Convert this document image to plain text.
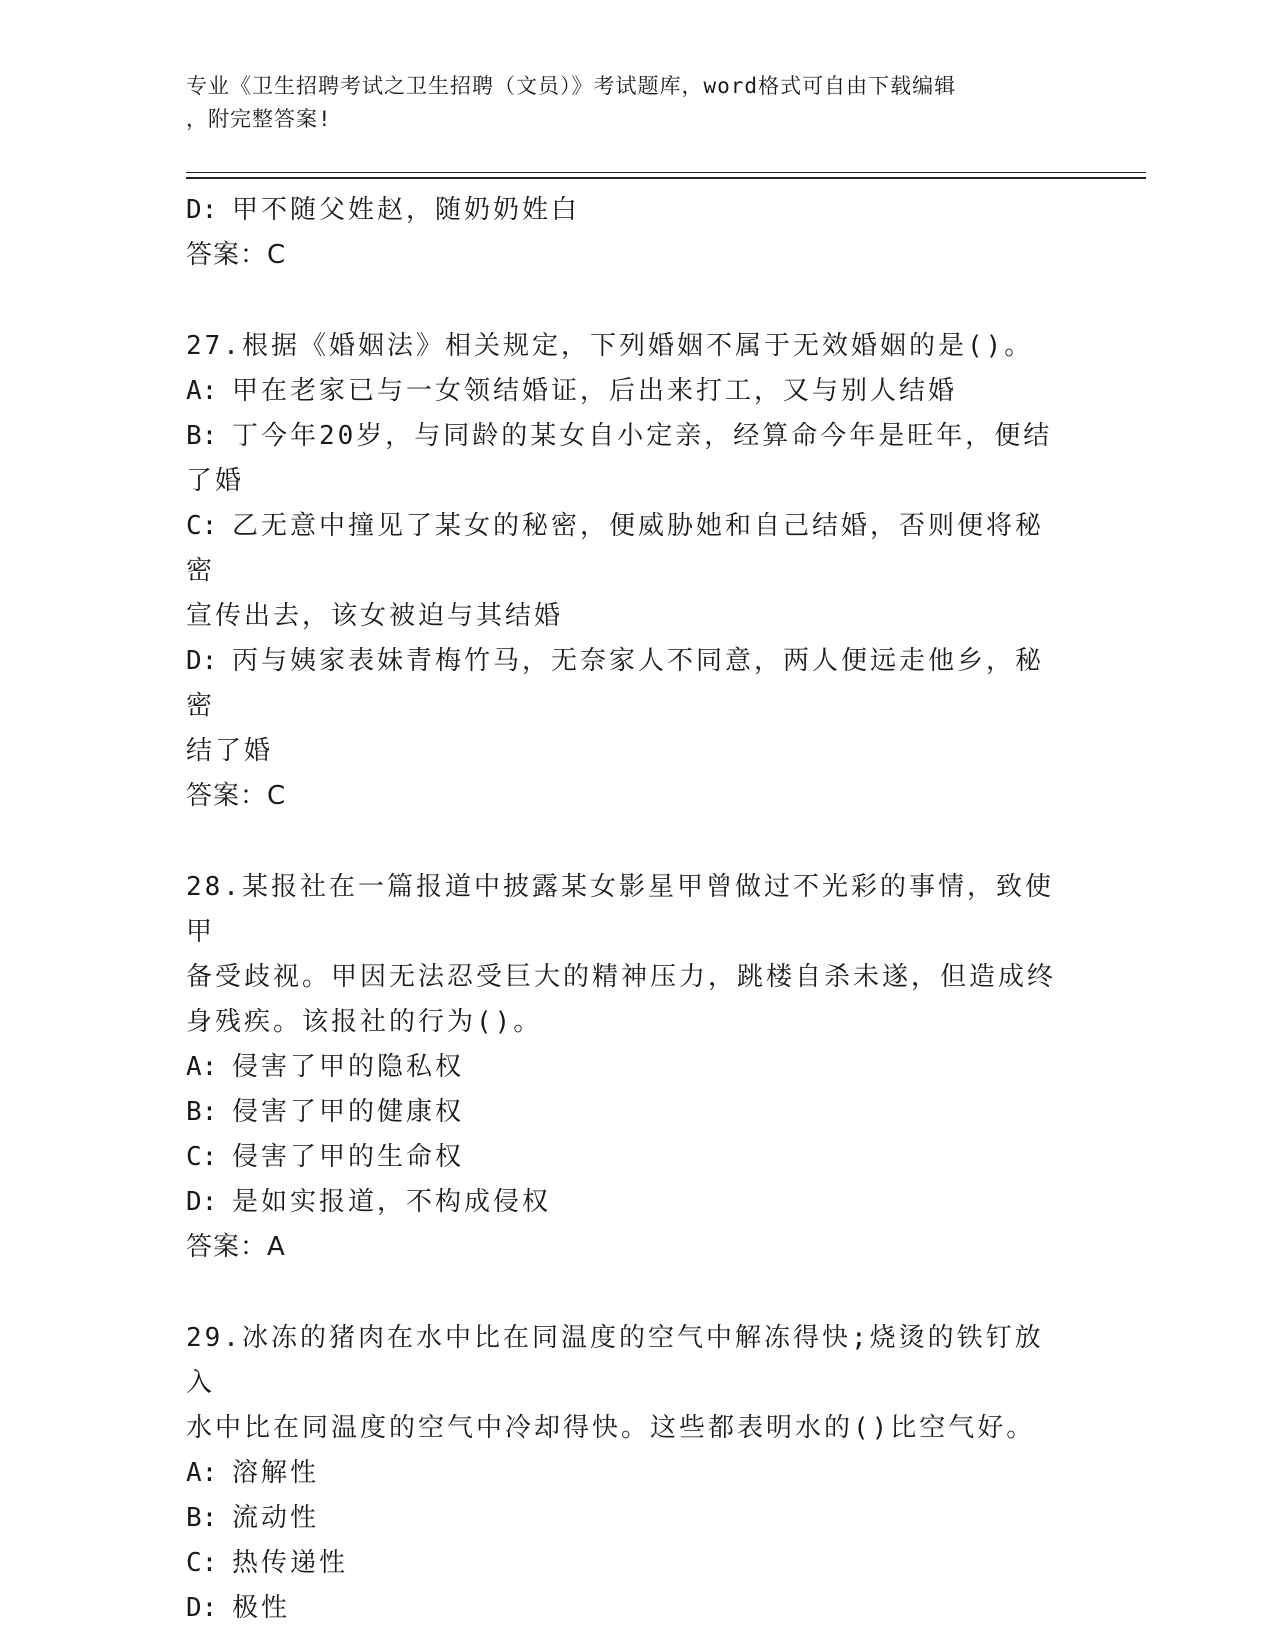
专业《卫生招聘考试之卫生招聘（文员）》考试题库，word格式可自由下载编辑
，附完整答案!

D: 甲不随父姓赵，随奶奶姓白

答案：C

27.根据《婚姻法》相关规定，下列婚姻不属于无效婚姻的是()。

A: 甲在老家已与一女领结婚证，后出来打工，又与别人结婚

B: 丁今年20岁，与同龄的某女自小定亲，经算命今年是旺年，便结

了婚

C: 乙无意中撞见了某女的秘密，便威胁她和自己结婚，否则便将秘密

宣传出去，该女被迫与其结婚

D: 丙与姨家表妹青梅竹马，无奈家人不同意，两人便远走他乡，秘密

结了婚

答案：C

28.某报社在一篇报道中披露某女影星甲曾做过不光彩的事情，致使甲

备受歧视。甲因无法忍受巨大的精神压力，跳楼自杀未遂，但造成终

身残疾。该报社的行为()。

A: 侵害了甲的隐私权

B: 侵害了甲的健康权

C: 侵害了甲的生命权

D: 是如实报道，不构成侵权

答案：A

29.冰冻的猪肉在水中比在同温度的空气中解冻得快;烧烫的铁钉放入

水中比在同温度的空气中冷却得快。这些都表明水的()比空气好。

A: 溶解性

B: 流动性

C: 热传递性

D: 极性
